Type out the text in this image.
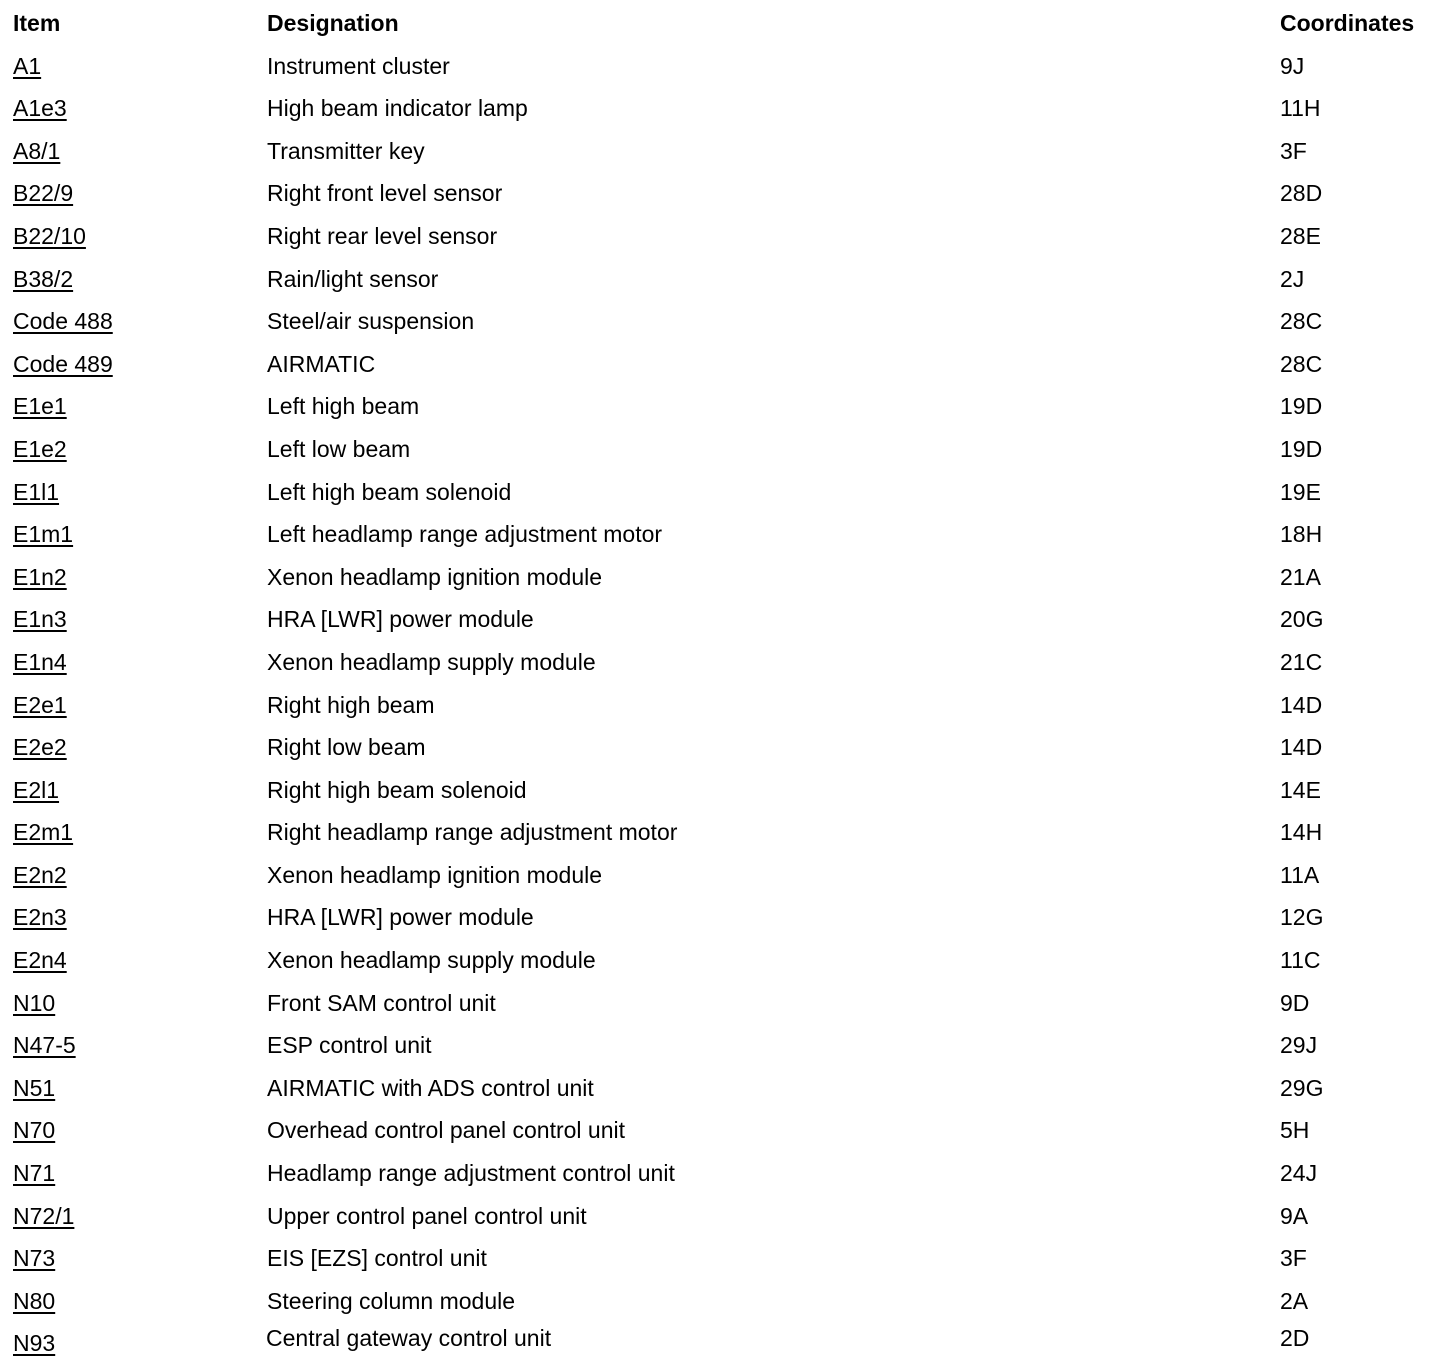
Item	Designation	Coordinates
A1	Instrument cluster	9J
A1e3	High beam indicator lamp	11H
A8/1	Transmitter key	3F
B22/9	Right front level sensor	28D
B22/10	Right rear level sensor	28E
B38/2	Rain/light sensor	2J
Code 488	Steel/air suspension	28C
Code 489	AIRMATIC	28C
E1e1	Left high beam	19D
E1e2	Left low beam	19D
E1l1	Left high beam solenoid	19E
E1m1	Left headlamp range adjustment motor	18H
E1n2	Xenon headlamp ignition module	21A
E1n3	HRA [LWR] power module	20G
E1n4	Xenon headlamp supply module	21C
E2e1	Right high beam	14D
E2e2	Right low beam	14D
E2l1	Right high beam solenoid	14E
E2m1	Right headlamp range adjustment motor	14H
E2n2	Xenon headlamp ignition module	11A
E2n3	HRA [LWR] power module	12G
E2n4	Xenon headlamp supply module	11C
N10	Front SAM control unit	9D
N47-5	ESP control unit	29J
N51	AIRMATIC with ADS control unit	29G
N70	Overhead control panel control unit	5H
N71	Headlamp range adjustment control unit	24J
N72/1	Upper control panel control unit	9A
N73	EIS [EZS] control unit	3F
N80	Steering column module	2A
N93	Central gateway control unit	2D
